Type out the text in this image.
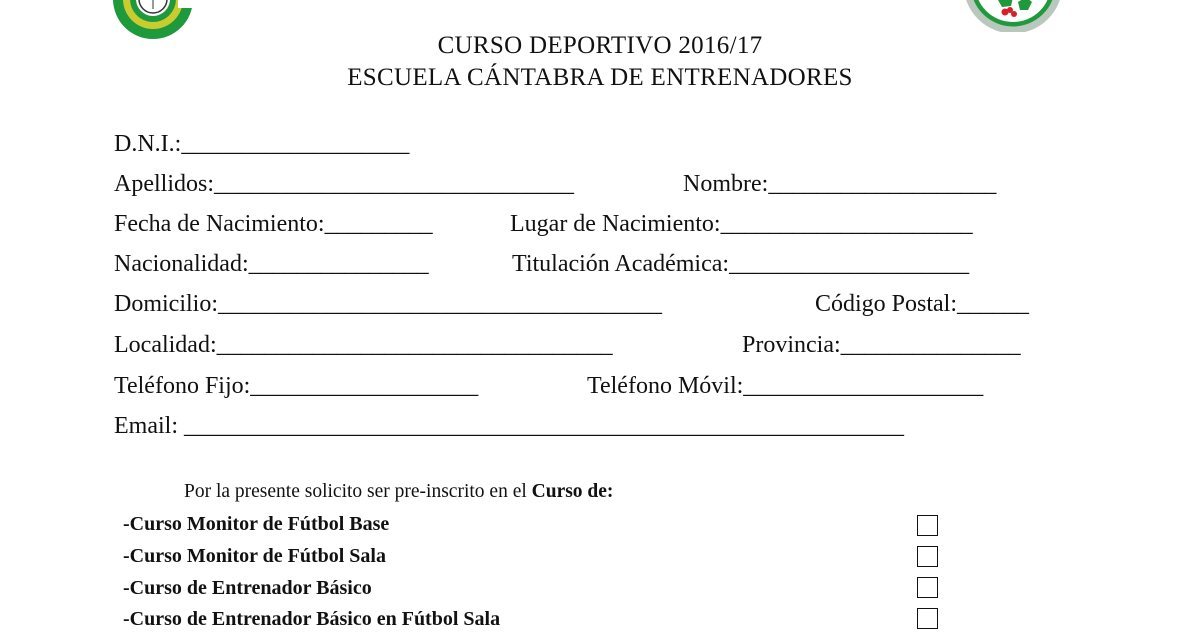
CURSO DEPORTIVO 2016/17
ESCUELA CÁNTABRA DE ENTRENADORES
D.N.I.:___________________
Apellidos:______________________________	Nombre:___________________
Fecha de Nacimiento:_________	Lugar de Nacimiento:_____________________
Nacionalidad:_______________	Titulación Académica:____________________
Domicilio:_____________________________________	Código Postal:______
Localidad:_________________________________	Provincia:_______________
Teléfono Fijo:___________________	Teléfono Móvil:____________________
Email: ____________________________________________________________
Por la presente solicito ser pre-inscrito en el Curso de:
-Curso Monitor de Fútbol Base
-Curso Monitor de Fútbol Sala
-Curso de Entrenador Básico
-Curso de Entrenador Básico en Fútbol Sala
